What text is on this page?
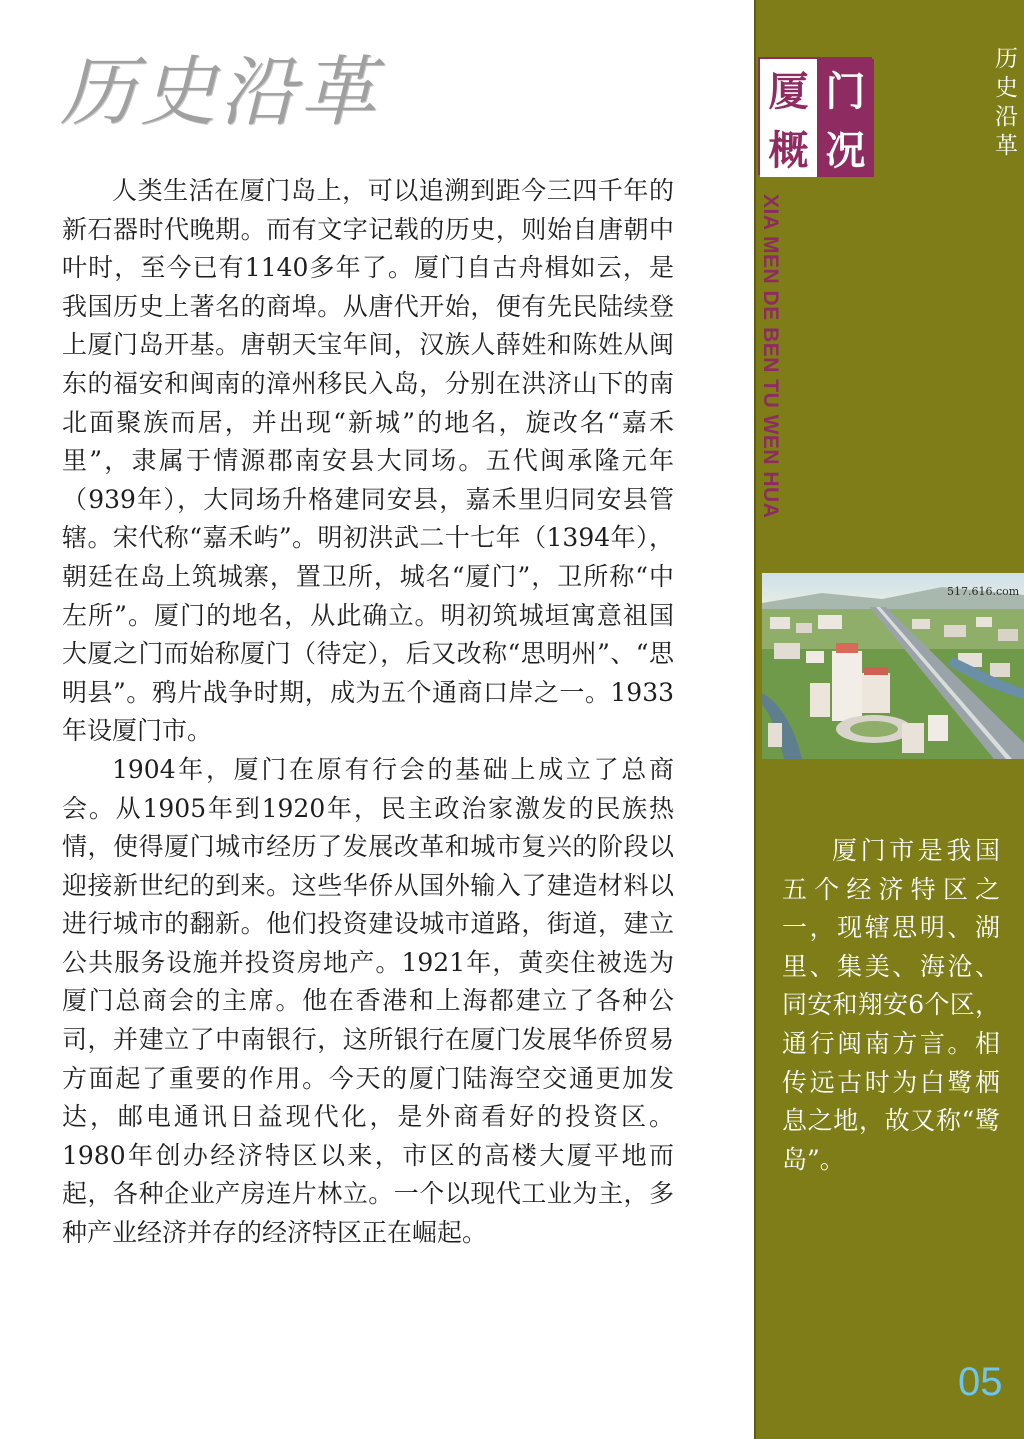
历史沿革

人类生活在厦门岛上，可以追溯到距今三四千年的新石器时代晚期。而有文字记载的历史，则始自唐朝中叶时，至今已有1140多年了。厦门自古舟楫如云，是我国历史上著名的商埠。从唐代开始，便有先民陆续登上厦门岛开基。唐朝天宝年间，汉族人薛姓和陈姓从闽东的福安和闽南的漳州移民入岛，分别在洪济山下的南北面聚族而居，并出现“新城”的地名，旋改名“嘉禾里”，隶属于情源郡南安县大同场。五代闽承隆元年（939年），大同场升格建同安县，嘉禾里归同安县管辖。宋代称“嘉禾屿”。明初洪武二十七年（1394年），朝廷在岛上筑城寨，置卫所，城名“厦门”，卫所称“中左所”。厦门的地名，从此确立。明初筑城垣寓意祖国大厦之门而始称厦门（待定），后又改称“思明州”、“思明县”。鸦片战争时期，成为五个通商口岸之一。1933年设厦门市。

1904年，厦门在原有行会的基础上成立了总商会。从1905年到1920年，民主政治家激发的民族热情，使得厦门城市经历了发展改革和城市复兴的阶段以迎接新世纪的到来。这些华侨从国外输入了建造材料以进行城市的翻新。他们投资建设城市道路，街道，建立公共服务设施并投资房地产。1921年，黄奕住被选为厦门总商会的主席。他在香港和上海都建立了各种公司，并建立了中南银行，这所银行在厦门发展华侨贸易方面起了重要的作用。今天的厦门陆海空交通更加发达，邮电通讯日益现代化，是外商看好的投资区。1980年创办经济特区以来，市区的高楼大厦平地而起，各种企业产房连片林立。一个以现代工业为主，多种产业经济并存的经济特区正在崛起。

厦 门
概 况	历史沿革
XIA MEN DE BEN TU WEN HUA
517.616.com

厦门市是我国五个经济特区之一，现辖思明、湖里、集美、海沧、同安和翔安6个区，通行闽南方言。相传远古时为白鹭栖息之地，故又称“鹭岛”。

05
